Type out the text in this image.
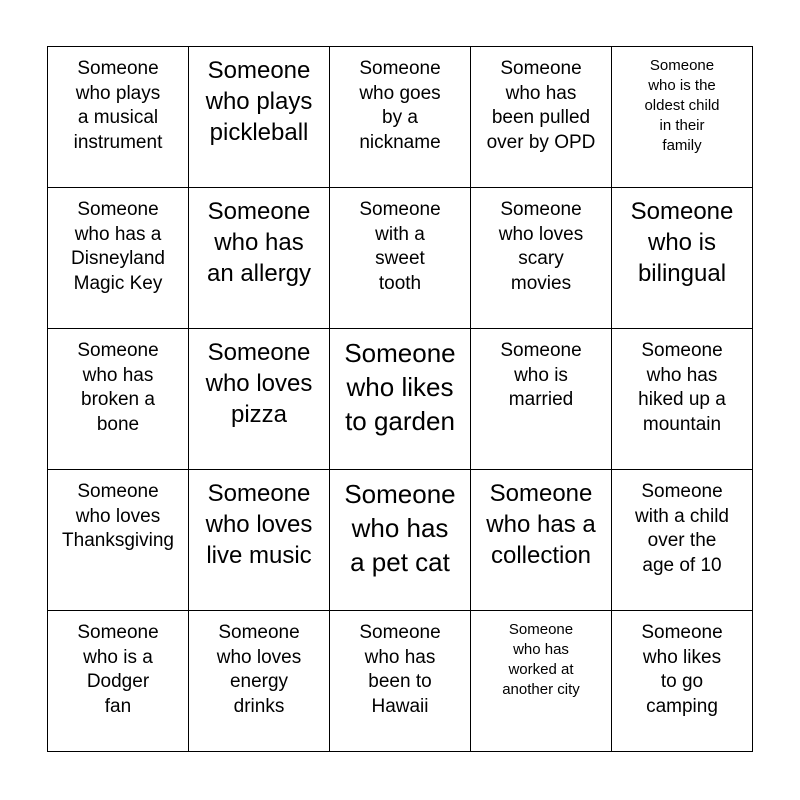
Someone
who plays
a musical
instrument
Someone
who plays
pickleball
Someone
who goes
by a
nickname
Someone
who has
been pulled
over by OPD
Someone
who is the
oldest child
in their
family
Someone
who has a
Disneyland
Magic Key
Someone
who has
an allergy
Someone
with a
sweet
tooth
Someone
who loves
scary
movies
Someone
who is
bilingual
Someone
who has
broken a
bone
Someone
who loves
pizza
Someone
who likes
to garden
Someone
who is
married
Someone
who has
hiked up a
mountain
Someone
who loves
Thanksgiving
Someone
who loves
live music
Someone
who has
a pet cat
Someone
who has a
collection
Someone
with a child
over the
age of 10
Someone
who is a
Dodger
fan
Someone
who loves
energy
drinks
Someone
who has
been to
Hawaii
Someone
who has
worked at
another city
Someone
who likes
to go
camping
